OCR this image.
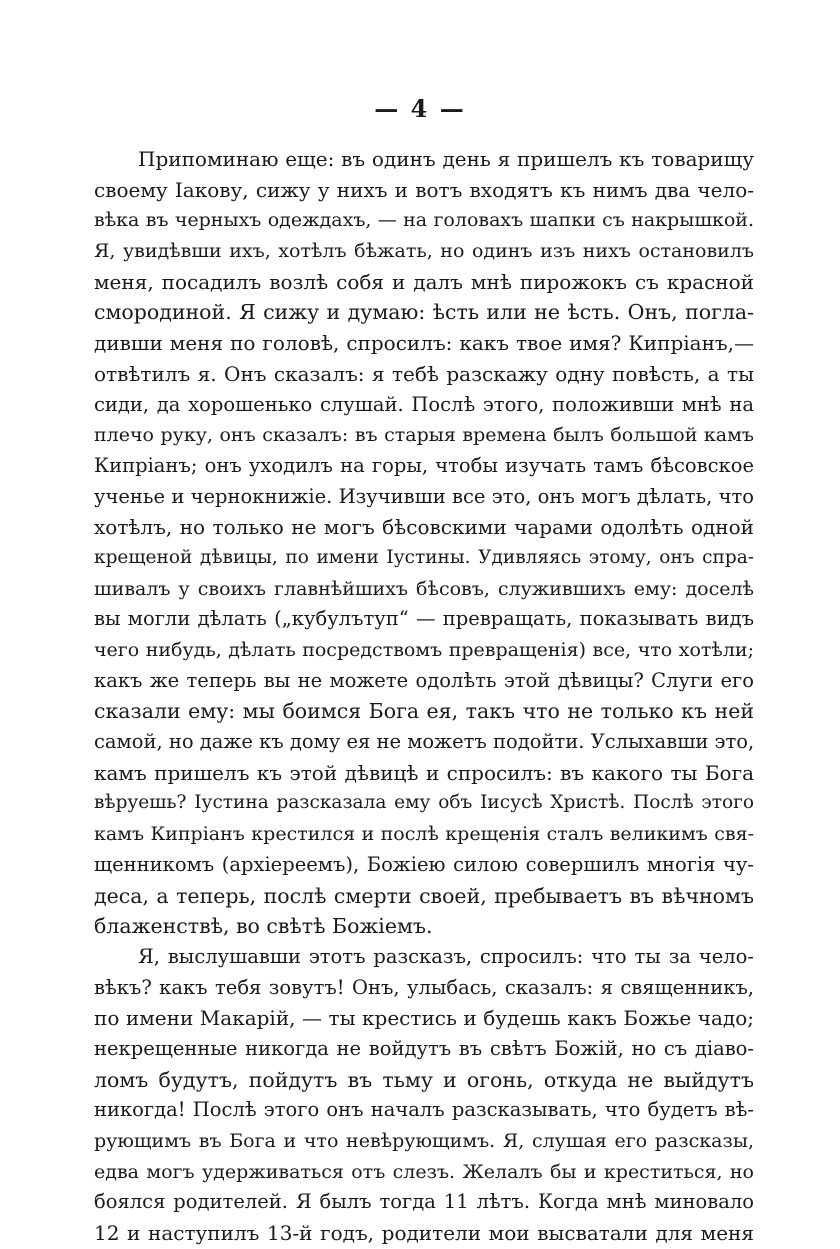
— 4 —
Припоминаю еще: въ одинъ день я пришелъ къ товарищу
своему Іакову, сижу у нихъ и вотъ входятъ къ нимъ два чело-
вѣка въ черныхъ одеждахъ, — на головахъ шапки съ накрышкой.
Я, увидѣвши ихъ, хотѣлъ бѣжать, но одинъ изъ нихъ остановилъ
меня, посадилъ возлѣ собя и далъ мнѣ пирожокъ съ красной
смородиной. Я сижу и думаю: ѣсть или не ѣсть. Онъ, погла-
дивши меня по головѣ, спросилъ: какъ твое имя? Кипріанъ,—
отвѣтилъ я. Онъ сказалъ: я тебѣ разскажу одну повѣсть, а ты
сиди, да хорошенько слушай. Послѣ этого, положивши мнѣ на
плечо руку, онъ сказалъ: въ старыя времена былъ большой камъ
Кипріанъ; онъ уходилъ на горы, чтобы изучать тамъ бѣсовское
ученье и чернокнижіе. Изучивши все это, онъ могъ дѣлать, что
хотѣлъ, но только не могъ бѣсовскими чарами одолѣть одной
крещеной дѣвицы, по имени Іустины. Удивляясь этому, онъ спра-
шивалъ у своихъ главнѣйшихъ бѣсовъ, служившихъ ему: доселѣ
вы могли дѣлать („кубулътуп“ — превращать, показывать видъ
чего нибудь, дѣлать посредствомъ превращенія) все, что хотѣли;
какъ же теперь вы не можете одолѣть этой дѣвицы? Слуги его
сказали ему: мы боимся Бога ея, такъ что не только къ ней
самой, но даже къ дому ея не можетъ подойти. Услыхавши это,
камъ пришелъ къ этой дѣвицѣ и спросилъ: въ какого ты Бога
вѣруешь? Іустина разсказала ему объ Іисусѣ Христѣ. Послѣ этого
камъ Кипріанъ крестился и послѣ крещенія сталъ великимъ свя-
щенникомъ (архіереемъ), Божіею силою совершилъ многія чу-
деса, а теперь, послѣ смерти своей, пребываетъ въ вѣчномъ
блаженствѣ, во свѣтѣ Божіемъ.
Я, выслушавши этотъ разсказъ, спросилъ: что ты за чело-
вѣкъ? какъ тебя зовутъ! Онъ, улыбась, сказалъ: я священникъ,
по имени Макарій, — ты крестись и будешь какъ Божье чадо;
некрещенные никогда не войдутъ въ свѣтъ Божій, но съ діаво-
ломъ будутъ, пойдутъ въ тьму и огонь, откуда не выйдутъ
никогда! Послѣ этого онъ началъ разсказывать, что будетъ вѣ-
рующимъ въ Бога и что невѣрующимъ. Я, слушая его разсказы,
едва могъ удерживаться отъ слезъ. Желалъ бы и креститься, но
боялся родителей. Я былъ тогда 11 лѣтъ. Когда мнѣ миновало
12 и наступилъ 13-й годъ, родители мои высватали для меня
